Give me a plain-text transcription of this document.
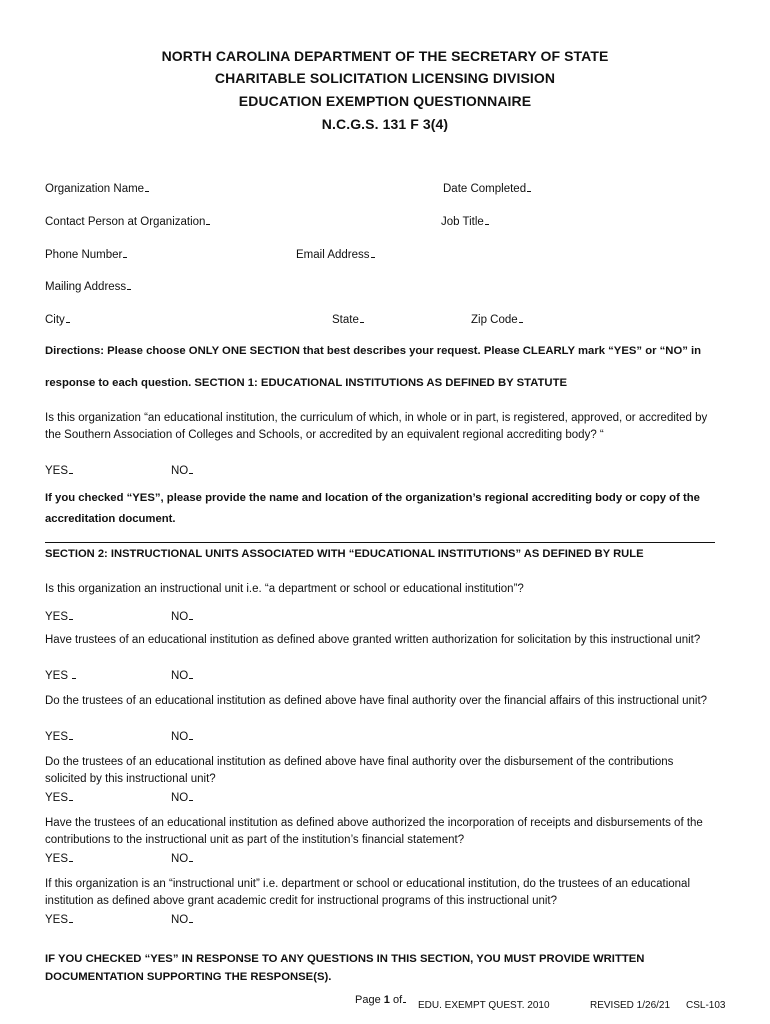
NORTH CAROLINA DEPARTMENT OF THE SECRETARY OF STATE
CHARITABLE SOLICITATION LICENSING DIVISION
EDUCATION EXEMPTION QUESTIONNAIRE
N.C.G.S. 131 F 3(4)
Organization Name	Date Completed
Contact Person at Organization	Job Title
Phone Number	Email Address
Mailing Address
City	State	Zip Code
Directions: Please choose ONLY ONE SECTION that best describes your request. Please CLEARLY mark “YES” or “NO” in
response to each question. SECTION 1: EDUCATIONAL INSTITUTIONS AS DEFINED BY STATUTE
Is this organization “an educational institution, the curriculum of which, in whole or in part, is registered, approved, or accredited by the Southern Association of Colleges and Schools, or accredited by an equivalent regional accrediting body? “
YES	NO
If you checked “YES”, please provide the name and location of the organization’s regional accrediting body or copy of the accreditation document.
SECTION 2: INSTRUCTIONAL UNITS ASSOCIATED WITH “EDUCATIONAL INSTITUTIONS” AS DEFINED BY RULE
Is this organization an instructional unit i.e. “a department or school or educational institution”?
YES	NO
Have trustees of an educational institution as defined above granted written authorization for solicitation by this instructional unit?
YES	NO
Do the trustees of an educational institution as defined above have final authority over the financial affairs of this instructional unit?
YES	NO
Do the trustees of an educational institution as defined above have final authority over the disbursement of the contributions solicited by this instructional unit?
YES	NO
Have the trustees of an educational institution as defined above authorized the incorporation of receipts and disbursements of the contributions to the instructional unit as part of the institution’s financial statement?
YES	NO
If this organization is an “instructional unit” i.e. department or school or educational institution, do the trustees of an educational institution as defined above grant academic credit for instructional programs of this instructional unit?
YES	NO
IF YOU CHECKED “YES” IN RESPONSE TO ANY QUESTIONS IN THIS SECTION, YOU MUST PROVIDE WRITTEN DOCUMENTATION SUPPORTING THE RESPONSE(S).
Page 1 of	EDU. EXEMPT QUEST. 2010	REVISED 1/26/21 CSL-103
